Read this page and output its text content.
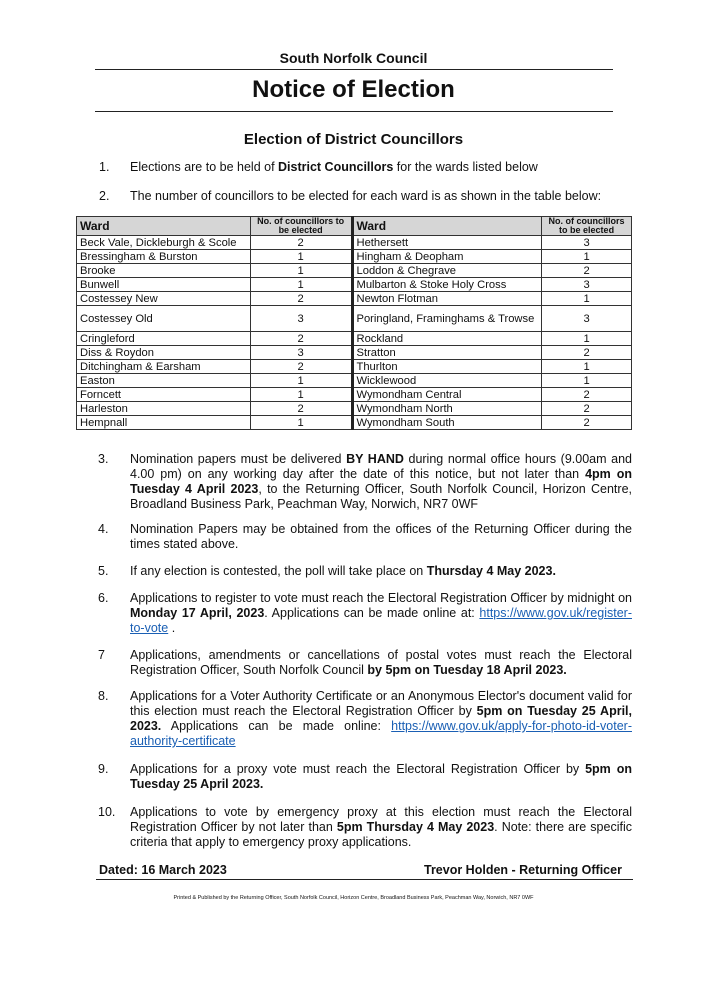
South Norfolk Council
Notice of Election
Election of District Councillors
1. Elections are to be held of District Councillors for the wards listed below
2. The number of councillors to be elected for each ward is as shown in the table below:
Ward	No. of councillors to be elected	Ward	No. of councillors to be elected
Beck Vale, Dickleburgh & Scole	2	Hethersett	3
Bressingham & Burston	1	Hingham & Deopham	1
Brooke	1	Loddon & Chegrave	2
Bunwell	1	Mulbarton & Stoke Holy Cross	3
Costessey New	2	Newton Flotman	1
Costessey Old	3	Poringland, Framinghams & Trowse	3
Cringleford	2	Rockland	1
Diss & Roydon	3	Stratton	2
Ditchingham & Earsham	2	Thurlton	1
Easton	1	Wicklewood	1
Forncett	1	Wymondham Central	2
Harleston	2	Wymondham North	2
Hempnall	1	Wymondham South	2
3. Nomination papers must be delivered BY HAND during normal office hours (9.00am and 4.00 pm) on any working day after the date of this notice, but not later than 4pm on Tuesday 4 April 2023, to the Returning Officer, South Norfolk Council, Horizon Centre, Broadland Business Park, Peachman Way, Norwich, NR7 0WF
4. Nomination Papers may be obtained from the offices of the Returning Officer during the times stated above.
5. If any election is contested, the poll will take place on Thursday 4 May 2023.
6. Applications to register to vote must reach the Electoral Registration Officer by midnight on Monday 17 April, 2023. Applications can be made online at: https://www.gov.uk/register-to-vote .
7 Applications, amendments or cancellations of postal votes must reach the Electoral Registration Officer, South Norfolk Council by 5pm on Tuesday 18 April 2023.
8. Applications for a Voter Authority Certificate or an Anonymous Elector's document valid for this election must reach the Electoral Registration Officer by 5pm on Tuesday 25 April, 2023. Applications can be made online: https://www.gov.uk/apply-for-photo-id-voter-authority-certificate
9. Applications for a proxy vote must reach the Electoral Registration Officer by 5pm on Tuesday 25 April 2023.
10. Applications to vote by emergency proxy at this election must reach the Electoral Registration Officer by not later than 5pm Thursday 4 May 2023. Note: there are specific criteria that apply to emergency proxy applications.
Dated: 16 March 2023	Trevor Holden - Returning Officer
Printed & Published by the Returning Officer, South Norfolk Council, Horizon Centre, Broadland Business Park, Peachman Way, Norwich, NR7 0WF
